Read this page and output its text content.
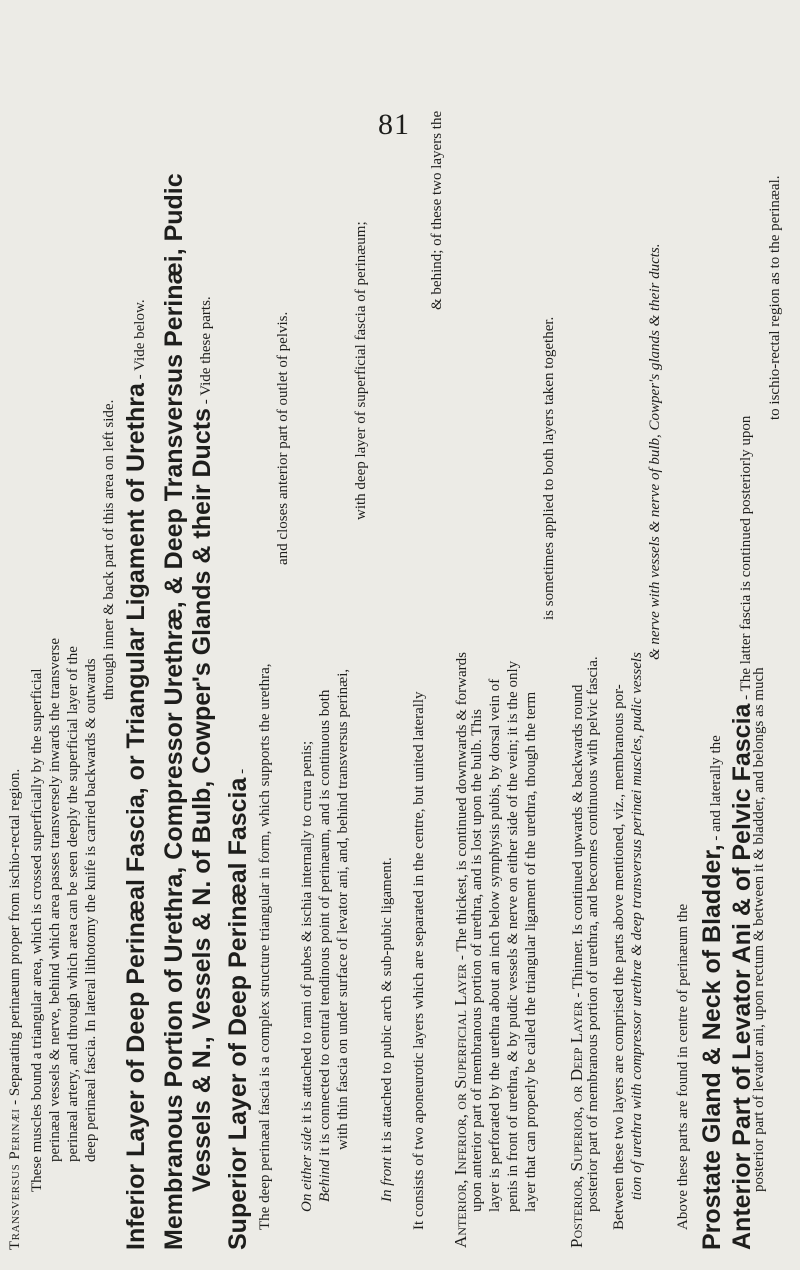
81
Transversus Perinæi - Separating perinæum proper from ischio-rectal region. These muscles bound a triangular area, which is crossed superficially by the superficial perinæal vessels & nerve, behind which area passes transversely inwards the transverse perinæal artery, and through which area can be seen deeply the superficial layer of the deep perinæal fascia. In lateral lithotomy the knife is carried backwards & outwards
through inner & back part of this area on left side. Inferior Layer of Deep Perinæal Fascia, or Triangular Ligament of Urethra - Vide below. Membranous Portion of Urethra, Compressor Urethræ, & Deep Transversus Perinæi, Pudic Vessels & N., Vessels & N. of Bulb, Cowper's Glands & their Ducts - Vide these parts.
Superior Layer of Deep Perinæal Fascia - The deep perinæal fascia is a complex structure triangular in form, which supports the urethra,
and closes anterior part of outlet of pelvis.
On either side it is attached to rami of pubes & ischia internally to crura penis;
Behind it is connected to central tendinous point of perinæum, and is continuous both with thin fascia on under surface of levator ani, and, behind transversus perinæi,
with deep layer of superficial fascia of perinæum;
In front it is attached to pubic arch & sub-pubic ligament. It consists of two aponeurotic layers which are separated in the centre, but united laterally
& behind; of these two layers the
Anterior, Inferior, or Superficial Layer - The thickest, is continued downwards & forwards upon anterior part of membranous portion of urethra, and is lost upon the bulb. This layer is perforated by the urethra about an inch below symphysis pubis, by dorsal vein of penis in front of urethra, & by pudic vessels & nerve on either side of the vein; it is the only layer that can properly be called the triangular ligament of the urethra, though the term
is sometimes applied to both layers taken together.
Posterior, Superior, or Deep Layer - Thinner. Is continued upwards & backwards round posterior part of membranous portion of urethra, and becomes continuous with pelvic fascia. Between these two layers are comprised the parts above mentioned, viz., membranous por- tion of urethra with compressor urethræ & deep transversus perinæi muscles, pudic vessels
& nerve with vessels & nerve of bulb, Cowper's glands & their ducts.
Above these parts are found in centre of perinæum the Prostate Gland & Neck of Bladder, - and laterally the Anterior Part of Levator Ani & of Pelvic Fascia - The latter fascia is continued posteriorly upon
posterior part of levator ani, upon rectum & between it & bladder, and belongs as much
to ischio-rectal region as to the perinæal.
